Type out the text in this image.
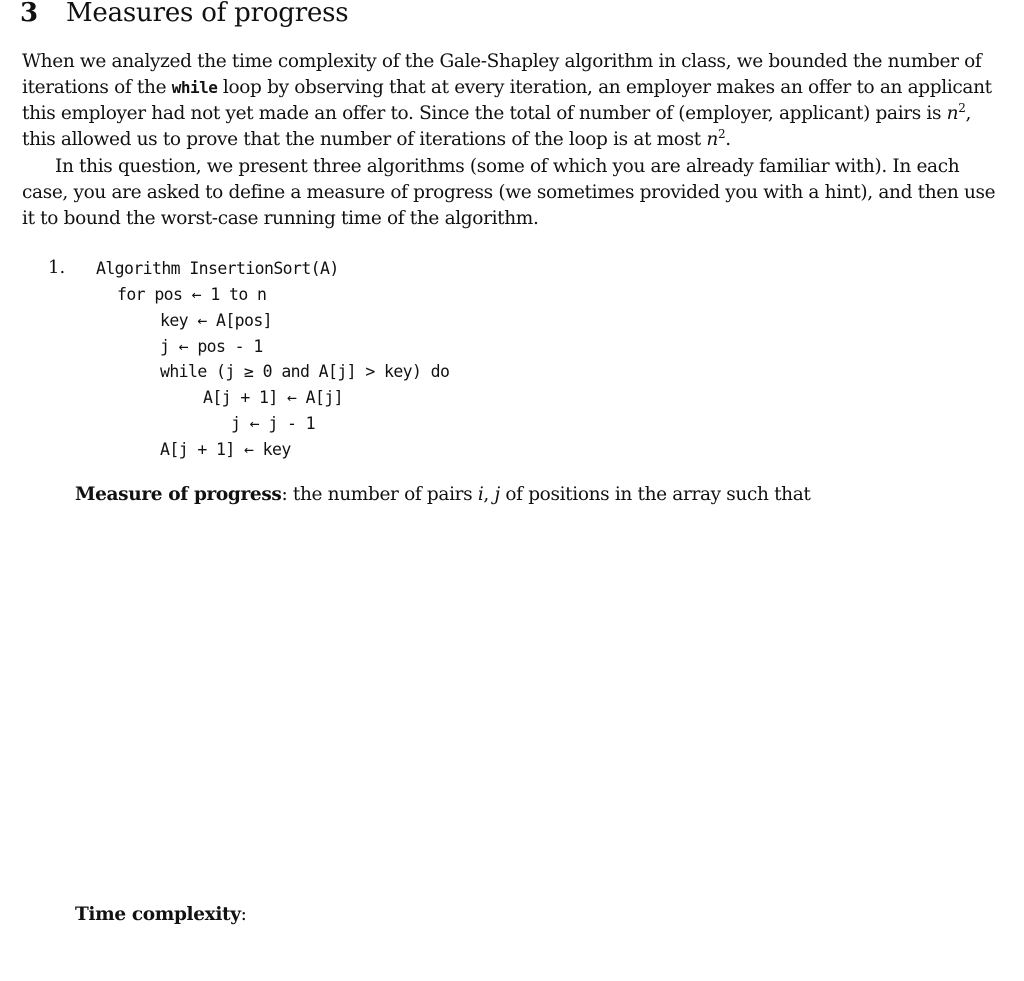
3 Measures of progress
When we analyzed the time complexity of the Gale-Shapley algorithm in class, we bounded the number of
iterations of the while loop by observing that at every iteration, an employer makes an offer to an applicant
this employer had not yet made an offer to. Since the total of number of (employer, applicant) pairs is $n^2$,
this allowed us to prove that the number of iterations of the loop is at most $n^2$.
In this question, we present three algorithms (some of which you are already familiar with). In each
case, you are asked to define a measure of progress (we sometimes provided you with a hint), and then use
it to bound the worst-case running time of the algorithm.
1. Algorithm InsertionSort(A)
for pos ← 1 to n
key ← A[pos]
j ← pos - 1
while (j ≥ 0 and A[j] > key) do
A[j + 1] ← A[j]
j ← j - 1
A[j + 1] ← key
Measure of progress: the number of pairs i, j of positions in the array such that
Time complexity:
